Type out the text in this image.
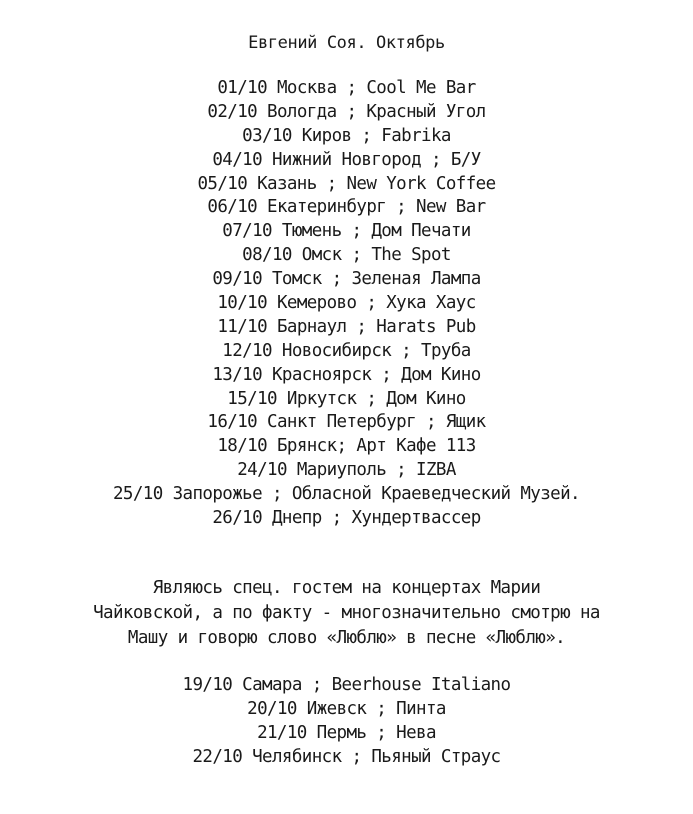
Евгений Соя. Октябрь
01/10 Москва ; Cool Me Bar
02/10 Вологда ; Красный Угол
03/10 Киров ; Fabrika
04/10 Нижний Новгород ; Б/У
05/10 Казань ; New York Coffee
06/10 Екатеринбург ; New Bar
07/10 Тюмень ; Дом Печати
08/10 Омск ; The Spot
09/10 Томск ; Зеленая Лампа
10/10 Кемерово ; Хука Хаус
11/10 Барнаул ; Harats Pub
12/10 Новосибирск ; Труба
13/10 Красноярск ; Дом Кино
15/10 Иркутск ; Дом Кино
16/10 Санкт Петербург ; Ящик
18/10 Брянск; Арт Кафе 113
24/10 Мариуполь ; IZBA
25/10 Запорожье ; Обласной Краеведческий Музей.
26/10 Днепр ; Хундертвассер
Являюсь спец. гостем на концертах Марии
Чайковской, а по факту - многозначительно смотрю на
Машу и говорю слово «Люблю» в песне «Люблю».
19/10 Самара ; Beerhouse Italiano
20/10 Ижевск ; Пинта
21/10 Пермь ; Нева
22/10 Челябинск ; Пьяный Страус
